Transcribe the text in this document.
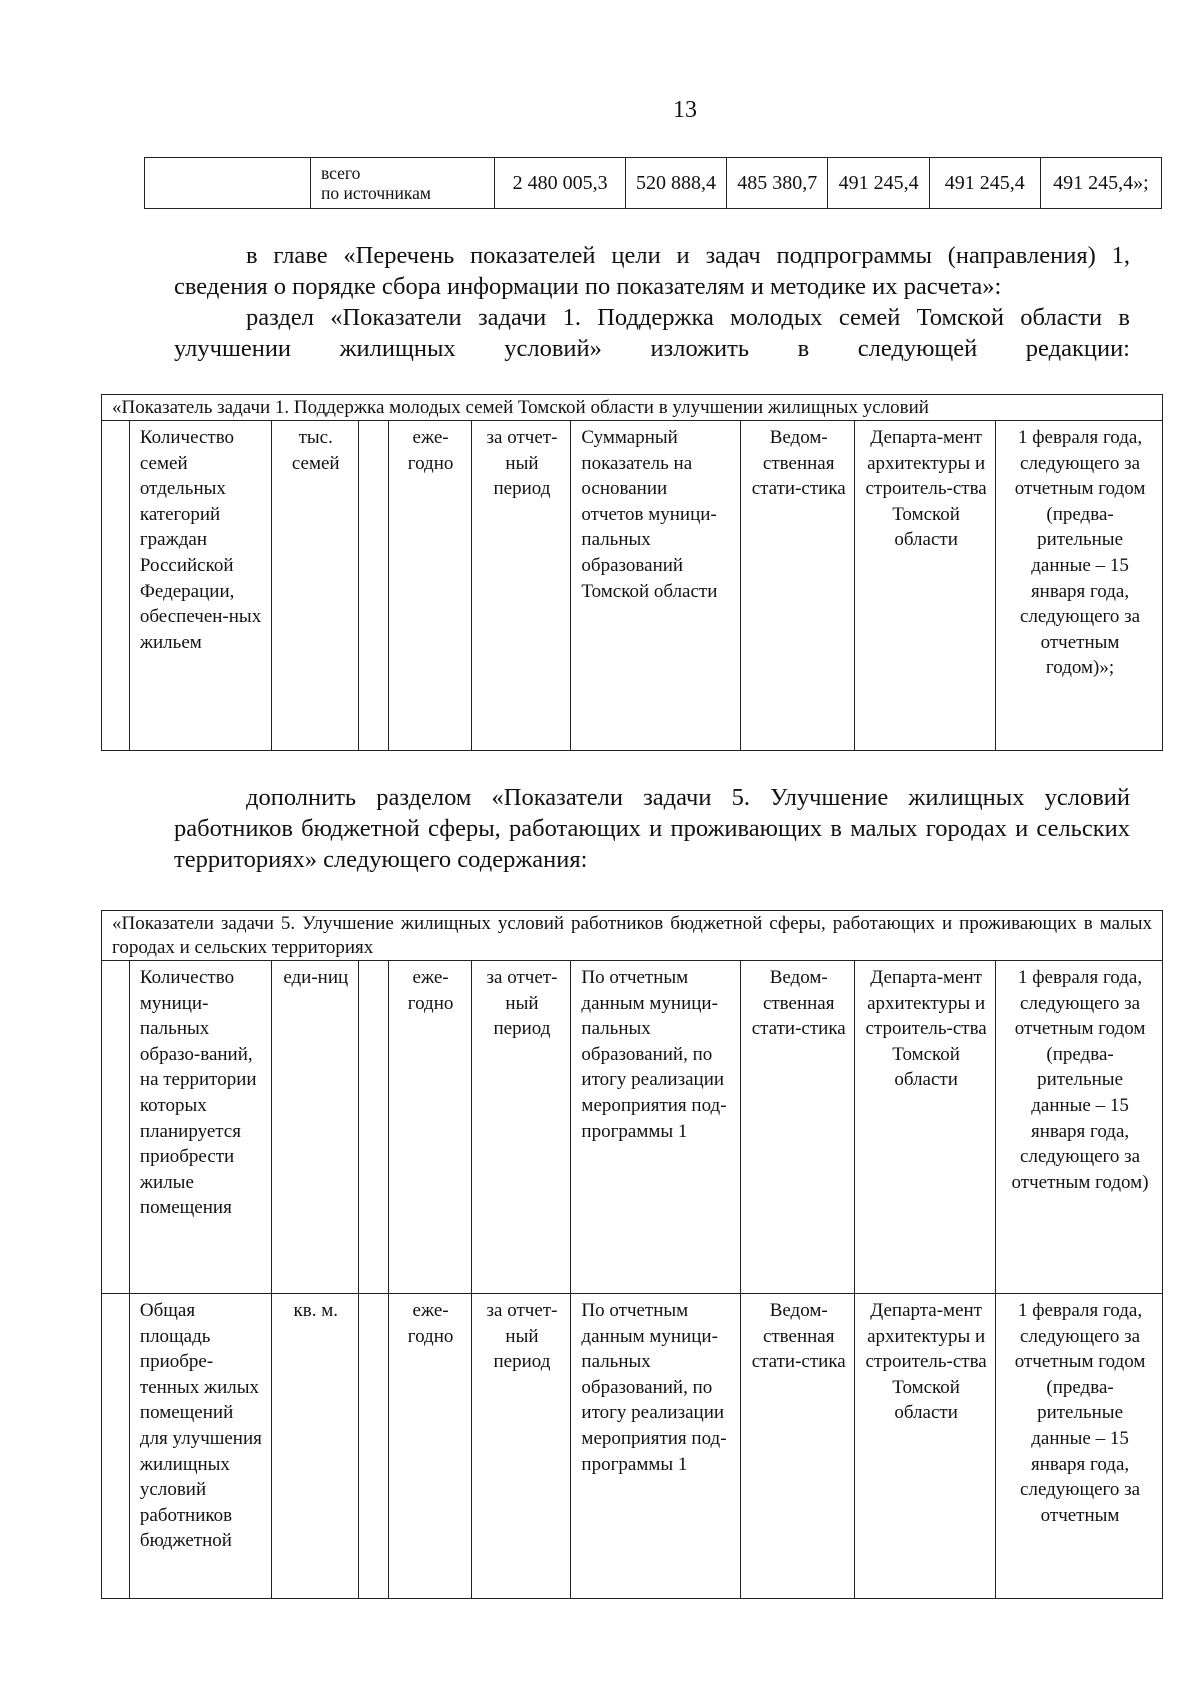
13

всего
по источникам	2 480 005,3	520 888,4	485 380,7	491 245,4	491 245,4	491 245,4»;

в главе «Перечень показателей цели и задач подпрограммы (направления) 1, сведения о порядке сбора информации по показателям и методике их расчета»:

раздел «Показатели задачи 1. Поддержка молодых семей Томской области в улучшении жилищных условий» изложить в следующей редакции:

«Показатель задачи 1. Поддержка молодых семей Томской области в улучшении жилищных условий
	Количество семей отдельных категорий граждан Российской Федерации, обеспечен-ных жильем	тыс. семей		еже-годно	за отчет-ный период	Суммарный показатель на основании отчетов муници-пальных образований Томской области	Ведом-ственная стати-стика	Департа-мент архитектуры и строитель-ства Томской области	1 февраля года, следующего за отчетным годом (предва-рительные данные – 15 января года, следующего за отчетным годом)»;

дополнить разделом «Показатели задачи 5. Улучшение жилищных условий работников бюджетной сферы, работающих и проживающих в малых городах и сельских территориях» следующего содержания:

«Показатели задачи 5. Улучшение жилищных условий работников бюджетной сферы, работающих и проживающих в малых городах и сельских территориях									
	Количество муници-пальных образо-ваний, на территории которых планируется приобрести жилые помещения	еди-ниц		еже-годно	за отчет-ный период	По отчетным данным муници-пальных образований, по итогу реализации мероприятия под-программы 1	Ведом-ственная стати-стика	Департа-мент архитектуры и строитель-ства Томской области	1 февраля года, следующего за отчетным годом (предва-рительные данные – 15 января года, следующего за отчетным годом)
	Общая площадь приобре-тенных жилых помещений для улучшения жилищных условий работников бюджетной	кв. м.		еже-годно	за отчет-ный период	По отчетным данным муници-пальных образований, по итогу реализации мероприятия под-программы 1	Ведом-ственная стати-стика	Департа-мент архитектуры и строитель-ства Томской области	1 февраля года, следующего за отчетным годом (предва-рительные данные – 15 января года, следующего за отчетным
